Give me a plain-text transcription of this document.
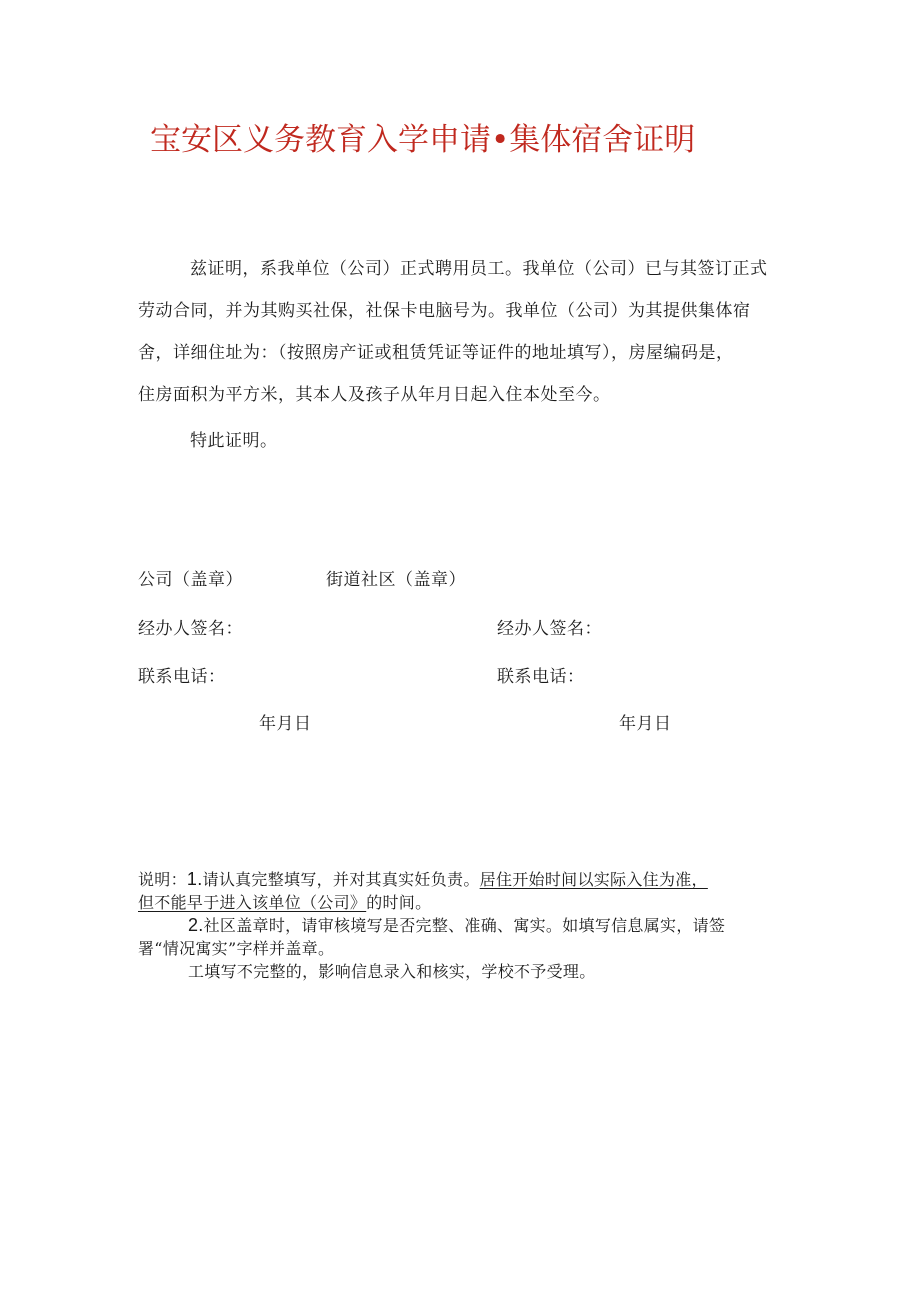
宝安区义务教育入学申请•集体宿舍证明
兹证明，系我单位（公司）正式聘用员工。我单位（公司）已与其签订正式
劳动合同，并为其购买社保，社保卡电脑号为。我单位（公司）为其提供集体宿
舍，详细住址为：（按照房产证或租赁凭证等证件的地址填写），房屋编码是，
住房面积为平方米，其本人及孩子从年月日起入住本处至今。
特此证明。
公司（盖章）	街道社区（盖章）
经办人签名：	经办人签名：
联系电话：	联系电话：
年月日	年月日
说明：1.请认真完整填写，并对其真实妊负责。居住开始时间以实际入住为准，
但不能早于进入该单位（公司》的时间。
2.社区盖章时，请审核境写是否完整、准确、寓实。如填写信息属实，请签
署“情况寓实”字样并盖章。
工填写不完整的，影响信息录入和核实，学校不予受理。
